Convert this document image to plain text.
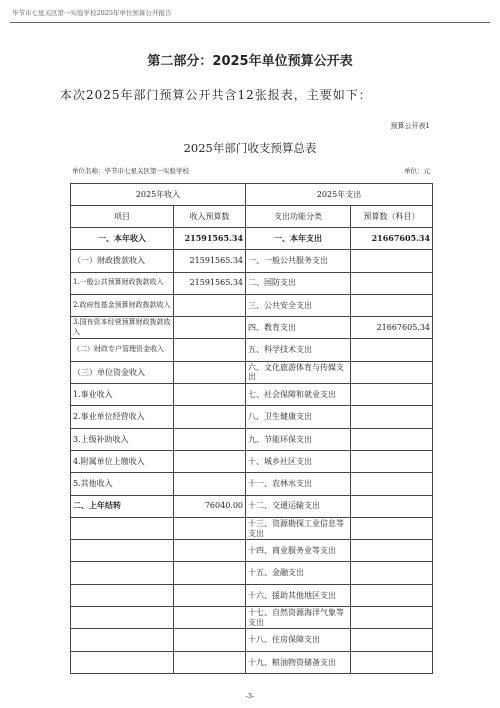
毕节市七星关区第一实验学校2025年单位预算公开报告
第二部分：2025年单位预算公开表
本次2025年部门预算公开共含12张报表，主要如下：
预算公开表1
2025年部门收支预算总表
单位名称：毕节市七星关区第一实验学校	单位：元
2025年收入		2025年支出	
项目	收入预算数	支出功能分类	预算数（科目）
一、本年收入	21591565.34	一、本年支出	21667605.34
（一）财政拨款收入	21591565.34	一、一般公共服务支出	
1.一般公共预算财政拨款收入	21591565.34	二、国防支出	
2.政府性基金预算财政拨款收入		三、公共安全支出	
3.国有资本经营预算财政拨款收入		四、教育支出	21667605.34
（二）财政专户管理资金收入		五、科学技术支出	
（三）单位资金收入		六、文化旅游体育与传媒支出	
1.事业收入		七、社会保障和就业支出	
2.事业单位经营收入		八、卫生健康支出	
3.上级补助收入		九、节能环保支出	
4.附属单位上缴收入		十、城乡社区支出	
5.其他收入		十一、农林水支出	
二、上年结转	76040.00	十二、交通运输支出	
		十三、资源勘探工业信息等支出	
		十四、商业服务业等支出	
		十五、金融支出	
		十六、援助其他地区支出	
		十七、自然资源海洋气象等支出	
		十八、住房保障支出	
		十九、粮油物资储备支出	
-3-
